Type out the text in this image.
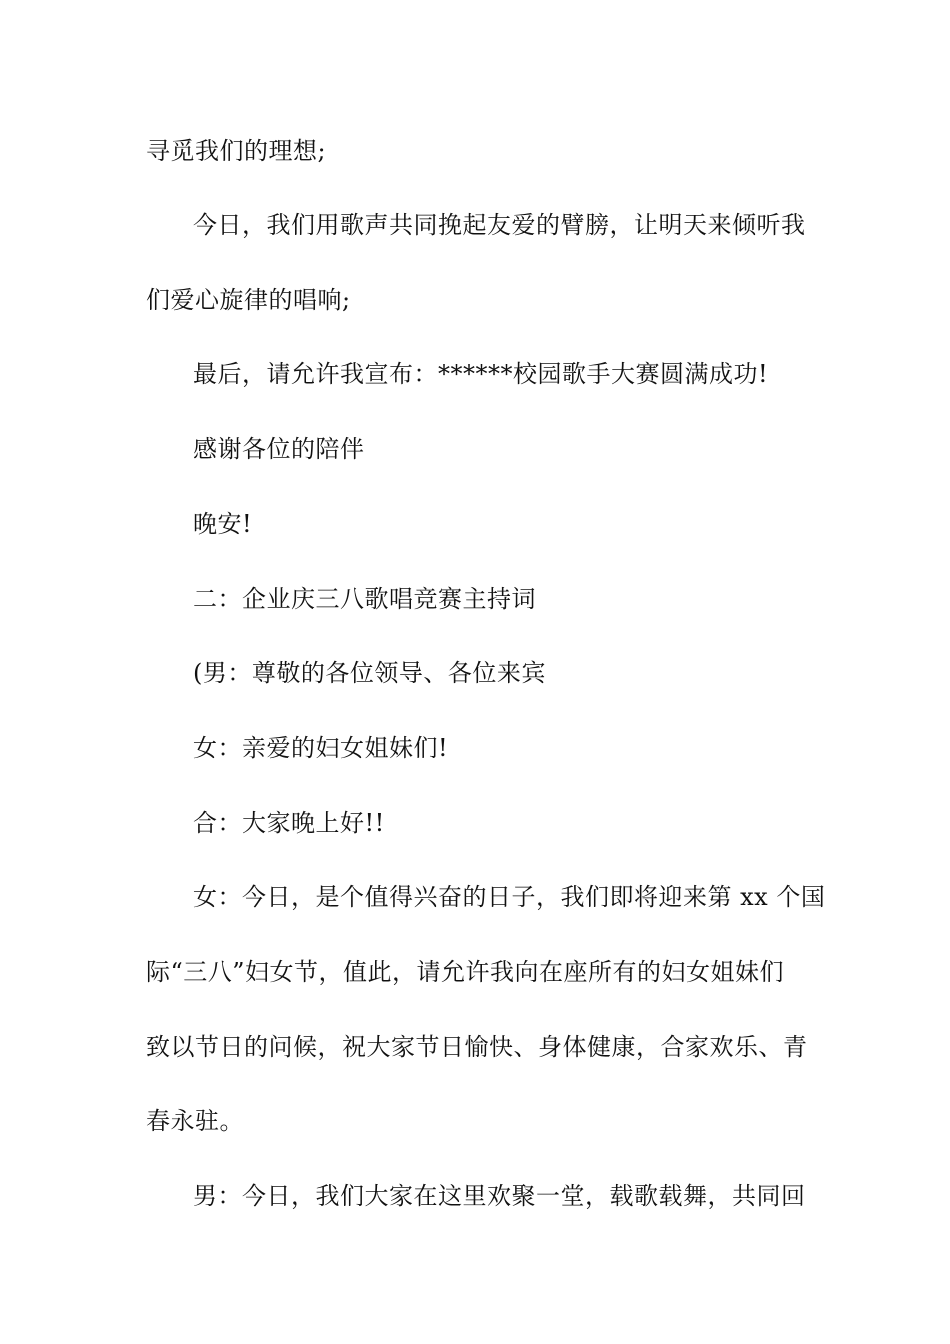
寻觅我们的理想;
今日，我们用歌声共同挽起友爱的臂膀，让明天来倾听我
们爱心旋律的唱响;
最后，请允许我宣布：******校园歌手大赛圆满成功!
感谢各位的陪伴
晚安!
二：企业庆三八歌唱竞赛主持词
(男：尊敬的各位领导、各位来宾
女：亲爱的妇女姐妹们!
合：大家晚上好!!
女：今日，是个值得兴奋的日子，我们即将迎来第 xx 个国
际“三八”妇女节，值此，请允许我向在座所有的妇女姐妹们
致以节日的问候，祝大家节日愉快、身体健康，合家欢乐、青
春永驻。
男：今日，我们大家在这里欢聚一堂，载歌载舞，共同回
